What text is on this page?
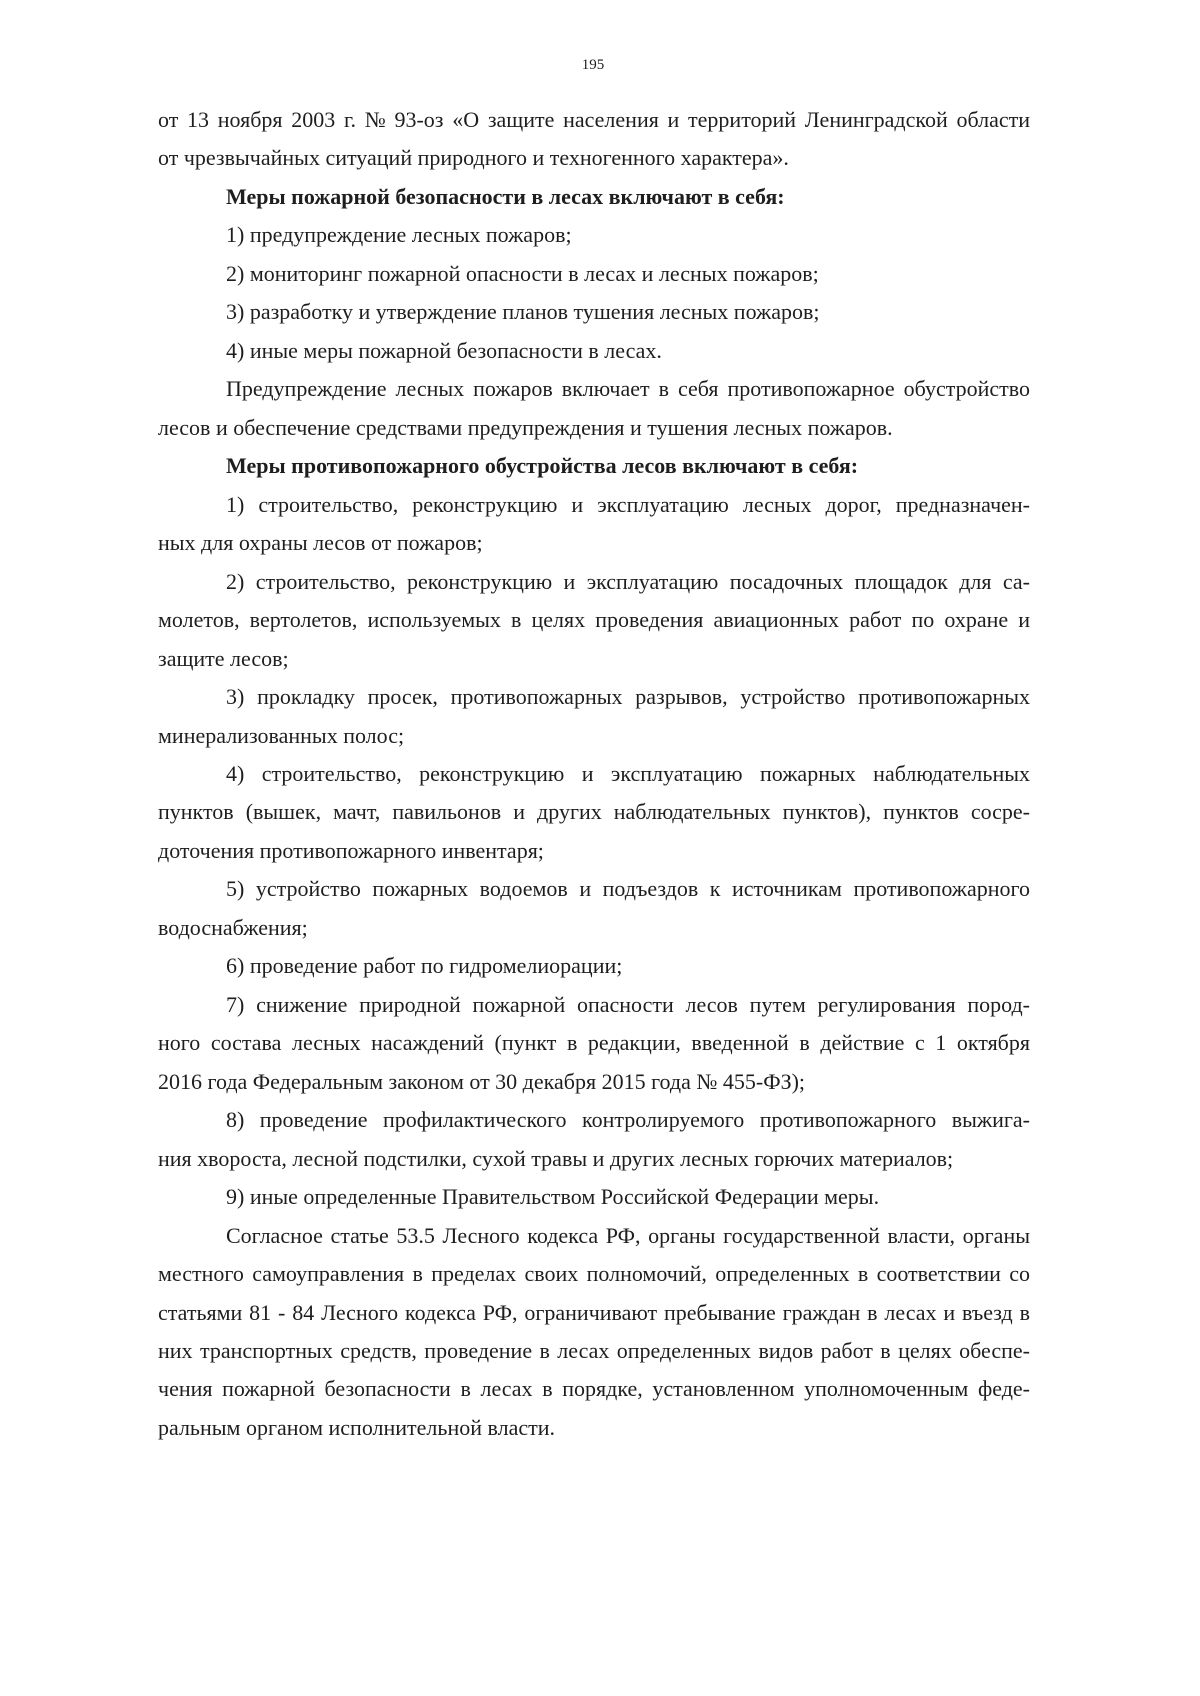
195
от 13 ноября 2003 г. № 93-оз «О защите населения и территорий Ленинградской области
от чрезвычайных ситуаций природного и техногенного характера».
Меры пожарной безопасности в лесах включают в себя:
1) предупреждение лесных пожаров;
2) мониторинг пожарной опасности в лесах и лесных пожаров;
3) разработку и утверждение планов тушения лесных пожаров;
4) иные меры пожарной безопасности в лесах.
Предупреждение лесных пожаров включает в себя противопожарное обустройство
лесов и обеспечение средствами предупреждения и тушения лесных пожаров.
Меры противопожарного обустройства лесов включают в себя:
1) строительство, реконструкцию и эксплуатацию лесных дорог, предназначен-
ных для охраны лесов от пожаров;
2) строительство, реконструкцию и эксплуатацию посадочных площадок для са-
молетов, вертолетов, используемых в целях проведения авиационных работ по охране и
защите лесов;
3) прокладку просек, противопожарных разрывов, устройство противопожарных
минерализованных полос;
4) строительство, реконструкцию и эксплуатацию пожарных наблюдательных
пунктов (вышек, мачт, павильонов и других наблюдательных пунктов), пунктов сосре-
доточения противопожарного инвентаря;
5) устройство пожарных водоемов и подъездов к источникам противопожарного
водоснабжения;
6) проведение работ по гидромелиорации;
7) снижение природной пожарной опасности лесов путем регулирования пород-
ного состава лесных насаждений (пункт в редакции, введенной в действие с 1 октября
2016 года Федеральным законом от 30 декабря 2015 года № 455-ФЗ);
8) проведение профилактического контролируемого противопожарного выжига-
ния хвороста, лесной подстилки, сухой травы и других лесных горючих материалов;
9) иные определенные Правительством Российской Федерации меры.
Согласное статье 53.5 Лесного кодекса РФ, органы государственной власти, органы
местного самоуправления в пределах своих полномочий, определенных в соответствии со
статьями 81 - 84 Лесного кодекса РФ, ограничивают пребывание граждан в лесах и въезд в
них транспортных средств, проведение в лесах определенных видов работ в целях обеспе-
чения пожарной безопасности в лесах в порядке, установленном уполномоченным феде-
ральным органом исполнительной власти.
